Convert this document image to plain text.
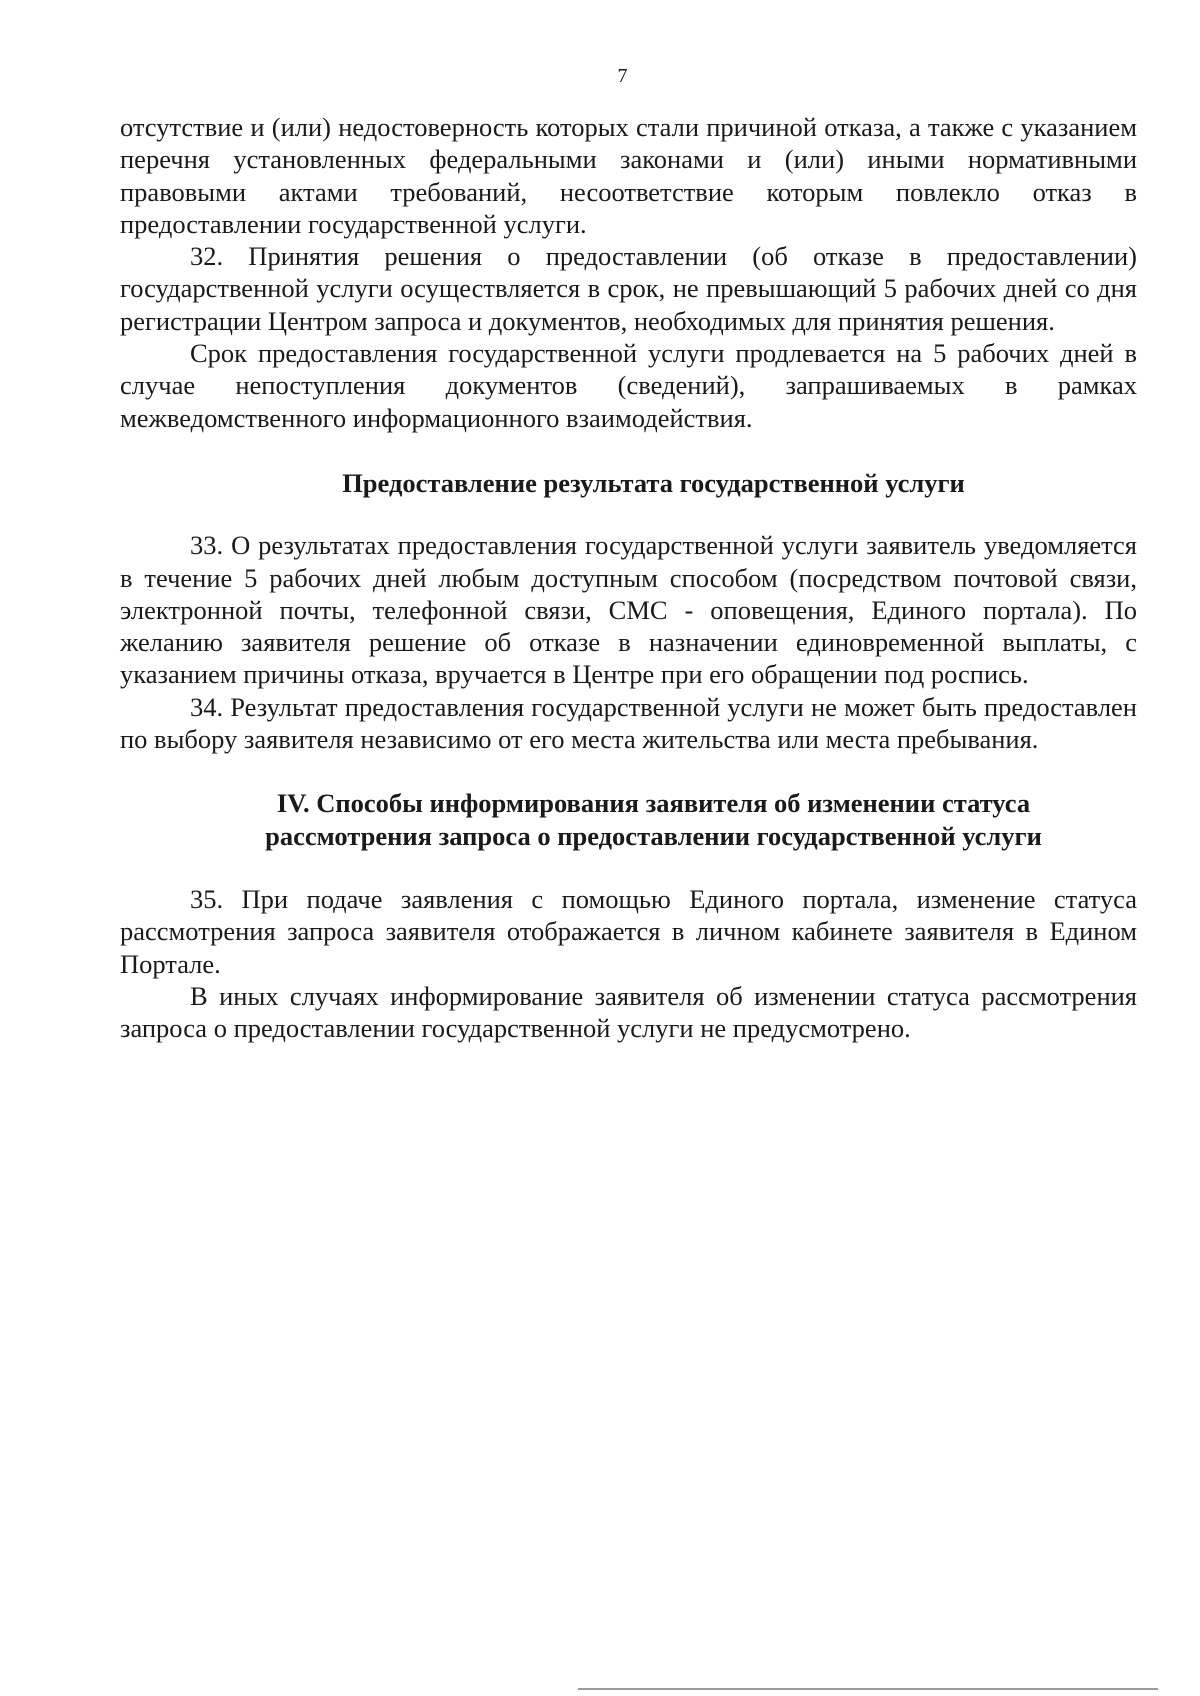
7

отсутствие и (или) недостоверность которых стали причиной отказа, а также с указанием перечня установленных федеральными законами и (или) иными нормативными правовыми актами требований, несоответствие которым повлекло отказ в предоставлении государственной услуги.

32. Принятия решения о предоставлении (об отказе в предоставлении) государственной услуги осуществляется в срок, не превышающий 5 рабочих дней со дня регистрации Центром запроса и документов, необходимых для принятия решения.

Срок предоставления государственной услуги продлевается на 5 рабочих дней в случае непоступления документов (сведений), запрашиваемых в рамках межведомственного информационного взаимодействия.

Предоставление результата государственной услуги

33. О результатах предоставления государственной услуги заявитель уведомляется в течение 5 рабочих дней любым доступным способом (посредством почтовой связи, электронной почты, телефонной связи, СМС - оповещения, Единого портала). По желанию заявителя решение об отказе в назначении единовременной выплаты, с указанием причины отказа, вручается в Центре при его обращении под роспись.

34. Результат предоставления государственной услуги не может быть предоставлен по выбору заявителя независимо от его места жительства или места пребывания.

IV. Способы информирования заявителя об изменении статуса
рассмотрения запроса о предоставлении государственной услуги

35. При подаче заявления с помощью Единого портала, изменение статуса рассмотрения запроса заявителя отображается в личном кабинете заявителя в Едином Портале.

В иных случаях информирование заявителя об изменении статуса рассмотрения запроса о предоставлении государственной услуги не предусмотрено.
